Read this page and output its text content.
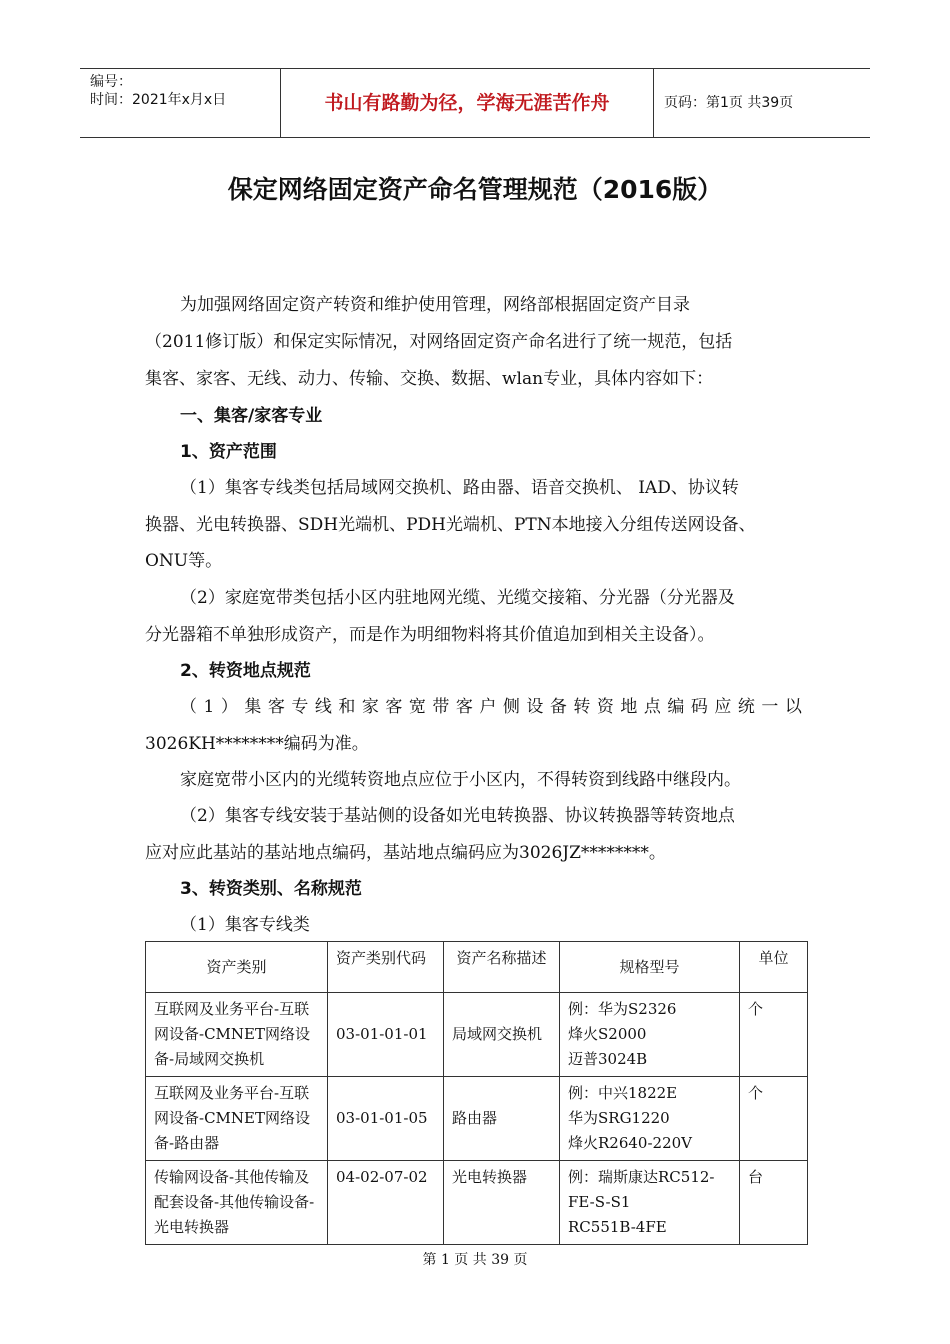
编号：
时间：2021年x月x日	书山有路勤为径，学海无涯苦作舟	页码：第1页 共39页
保定网络固定资产命名管理规范（2016版）
为加强网络固定资产转资和维护使用管理，网络部根据固定资产目录
（2011修订版）和保定实际情况，对网络固定资产命名进行了统一规范，包括
集客、家客、无线、动力、传输、交换、数据、wlan专业，具体内容如下：
一、集客/家客专业
1、资产范围
（1）集客专线类包括局域网交换机、路由器、语音交换机、 IAD、协议转
换器、光电转换器、SDH光端机、PDH光端机、PTN本地接入分组传送网设备、
ONU等。
（2）家庭宽带类包括小区内驻地网光缆、光缆交接箱、分光器（分光器及
分光器箱不单独形成资产，而是作为明细物料将其价值追加到相关主设备）。
2、转资地点规范
（1）集客专线和家客宽带客户侧设备转资地点编码应统一以
3026KH********编码为准。
家庭宽带小区内的光缆转资地点应位于小区内，不得转资到线路中继段内。
（2）集客专线安装于基站侧的设备如光电转换器、协议转换器等转资地点
应对应此基站的基站地点编码，基站地点编码应为3026JZ********。
3、转资类别、名称规范
（1）集客专线类
资产类别	资产类别代码	资产名称描述	规格型号	单位
互联网及业务平台-互联网设备-CMNET网络设备-局域网交换机	03-01-01-01	局域网交换机	例：华为S2326
烽火S2000
迈普3024B	个
互联网及业务平台-互联网设备-CMNET网络设备-路由器	03-01-01-05	路由器	例：中兴1822E
华为SRG1220
烽火R2640-220V	个
传输网设备-其他传输及配套设备-其他传输设备-光电转换器	04-02-07-02	光电转换器	例：瑞斯康达RC512-FE-S-S1
RC551B-4FE	台
第 1 页 共 39 页
